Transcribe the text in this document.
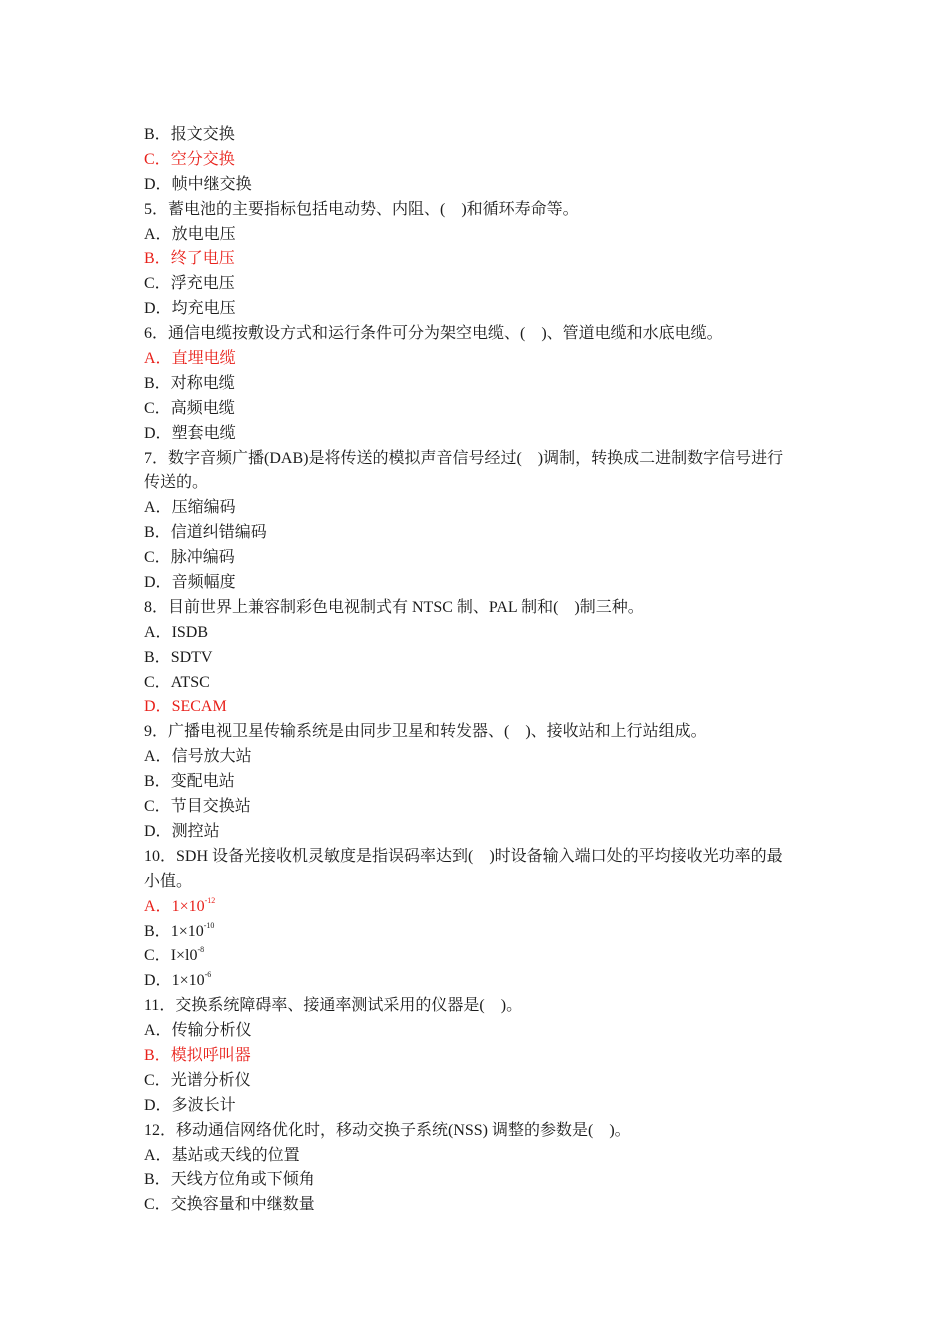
B．报文交换
C．空分交换
D．帧中继交换
5．蓄电池的主要指标包括电动势、内阻、(　)和循环寿命等。
A．放电电压
B．终了电压
C．浮充电压
D．均充电压
6．通信电缆按敷设方式和运行条件可分为架空电缆、(　)、管道电缆和水底电缆。
A．直埋电缆
B．对称电缆
C．高频电缆
D．塑套电缆
7．数字音频广播(DAB)是将传送的模拟声音信号经过(　)调制，转换成二进制数字信号进行
传送的。
A．压缩编码
B．信道纠错编码
C．脉冲编码
D．音频幅度
8．目前世界上兼容制彩色电视制式有 NTSC 制、PAL 制和(　)制三种。
A．ISDB
B．SDTV
C．ATSC
D．SECAM
9．广播电视卫星传输系统是由同步卫星和转发器、(　)、接收站和上行站组成。
A．信号放大站
B．变配电站
C．节目交换站
D．测控站
10．SDH 设备光接收机灵敏度是指误码率达到(　)时设备输入端口处的平均接收光功率的最
小值。
A．$1\times 10^{-12}$
B．$1\times 10^{-10}$
C．$I\times l0^{-8}$
D．$1\times 10^{-6}$
11．交换系统障碍率、接通率测试采用的仪器是(　)。
A．传输分析仪
B．模拟呼叫器
C．光谱分析仪
D．多波长计
12．移动通信网络优化时，移动交换子系统(NSS) 调整的参数是(　)。
A．基站或天线的位置
B．天线方位角或下倾角
C．交换容量和中继数量
